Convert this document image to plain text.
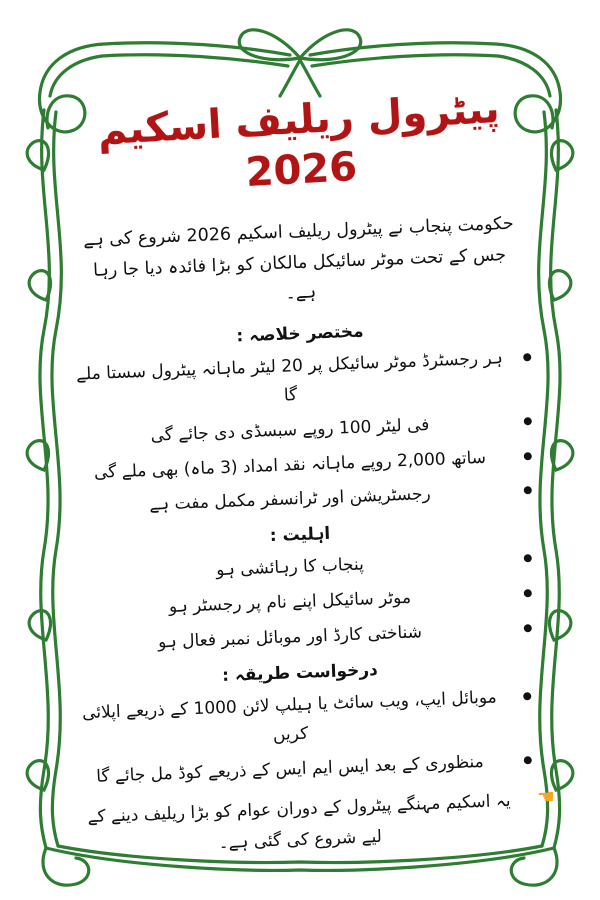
پیٹرول ریلیف اسکیم 2026

حکومت پنجاب نے پیٹرول ریلیف اسکیم 2026 شروع کی ہے جس کے تحت موٹر سائیکل مالکان کو بڑا فائدہ دیا جا رہا ہے۔

مختصر خلاصہ :
ہر رجسٹرڈ موٹر سائیکل پر 20 لیٹر ماہانہ پیٹرول سستا ملے گا
فی لیٹر 100 روپے سبسڈی دی جائے گی
ساتھ 2,000 روپے ماہانہ نقد امداد (3 ماہ) بھی ملے گی
رجسٹریشن اور ٹرانسفر مکمل مفت ہے
اہلیت :
پنجاب کا رہائشی ہو
موٹر سائیکل اپنے نام پر رجسٹر ہو
شناختی کارڈ اور موبائل نمبر فعال ہو
درخواست طریقہ :
موبائل ایپ، ویب سائٹ یا ہیلپ لائن 1000 کے ذریعے اپلائی کریں
منظوری کے بعد ایس ایم ایس کے ذریعے کوڈ مل جائے گا

☛
یہ اسکیم مہنگے پیٹرول کے دوران عوام کو بڑا ریلیف دینے کے لیے شروع کی گئی ہے۔
